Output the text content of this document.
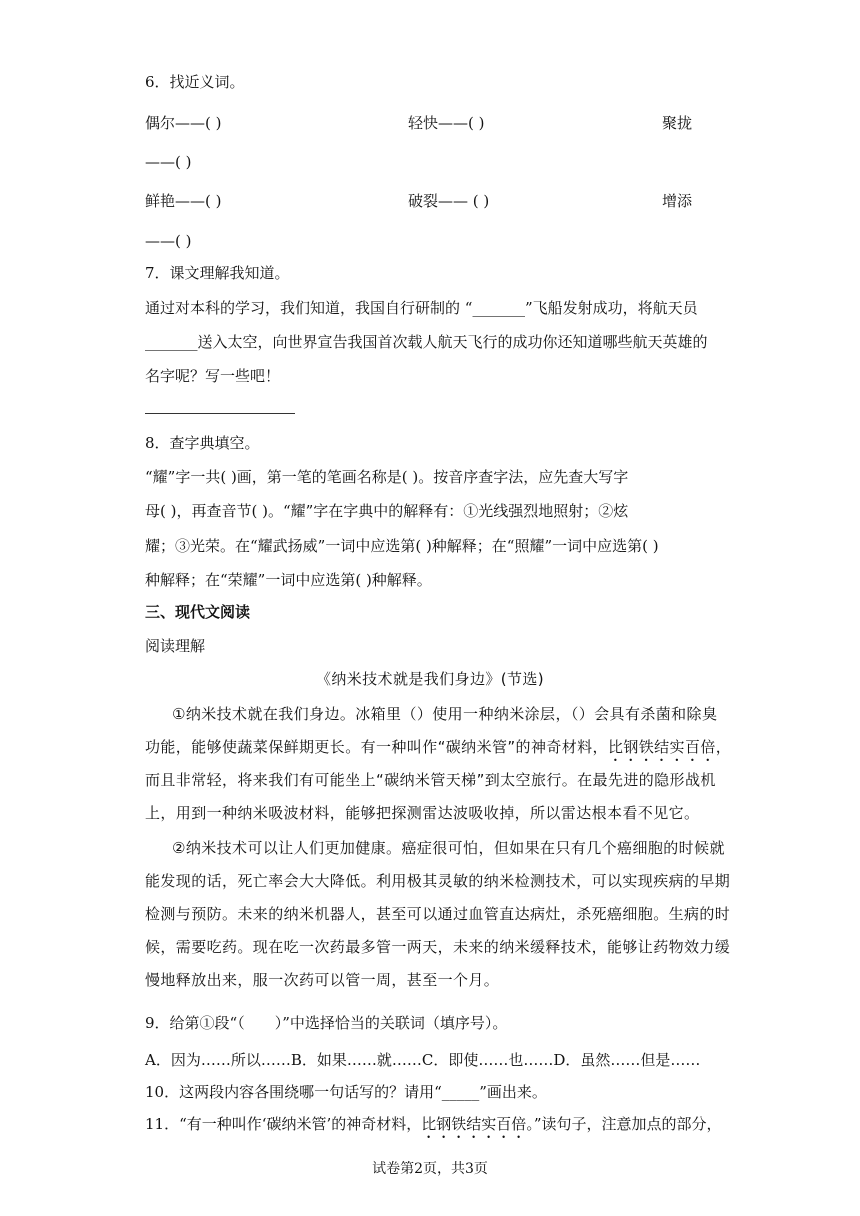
6．找近义词。
偶尔——( )	轻快——( )	聚拢
——( )
鲜艳——( )	破裂—— ( )	增添
——( )
7．课文理解我知道。
通过对本科的学习，我们知道，我国自行研制的 “_______”飞船发射成功，将航天员
_______送入太空，向世界宣告我国首次载人航天飞行的成功你还知道哪些航天英雄的
名字呢？写一些吧！
8．查字典填空。
“耀”字一共( )画，第一笔的笔画名称是( )。按音序查字法，应先查大写字
母( )，再查音节( )。“耀”字在字典中的解释有：①光线强烈地照射；②炫
耀；③光荣。在“耀武扬威”一词中应选第( )种解释；在“照耀”一词中应选第( )
种解释；在“荣耀”一词中应选第( )种解释。
三、现代文阅读
阅读理解
《纳米技术就是我们身边》(节选)
①纳米技术就在我们身边。冰箱里（）使用一种纳米涂层，（）会具有杀菌和除臭
功能，能够使蔬菜保鲜期更长。有一种叫作“碳纳米管”的神奇材料，比钢铁结实百倍，
而且非常轻，将来我们有可能坐上“碳纳米管天梯”到太空旅行。在最先进的隐形战机
上，用到一种纳米吸波材料，能够把探测雷达波吸收掉，所以雷达根本看不见它。
②纳米技术可以让人们更加健康。癌症很可怕，但如果在只有几个癌细胞的时候就
能发现的话，死亡率会大大降低。利用极其灵敏的纳米检测技术，可以实现疾病的早期
检测与预防。未来的纳米机器人，甚至可以通过血管直达病灶，杀死癌细胞。生病的时
候，需要吃药。现在吃一次药最多管一两天，未来的纳米缓释技术，能够让药物效力缓
慢地释放出来，服一次药可以管一周，甚至一个月。
9．给第①段“（　　）”中选择恰当的关联词（填序号）。
A．因为……所以……B．如果……就……C．即使……也……D．虽然……但是……
10．这两段内容各围绕哪一句话写的？请用“_____”画出来。
11．“有一种叫作‘碳纳米管’的神奇材料，比钢铁结实百倍。”读句子，注意加点的部分，
试卷第2页，共3页
